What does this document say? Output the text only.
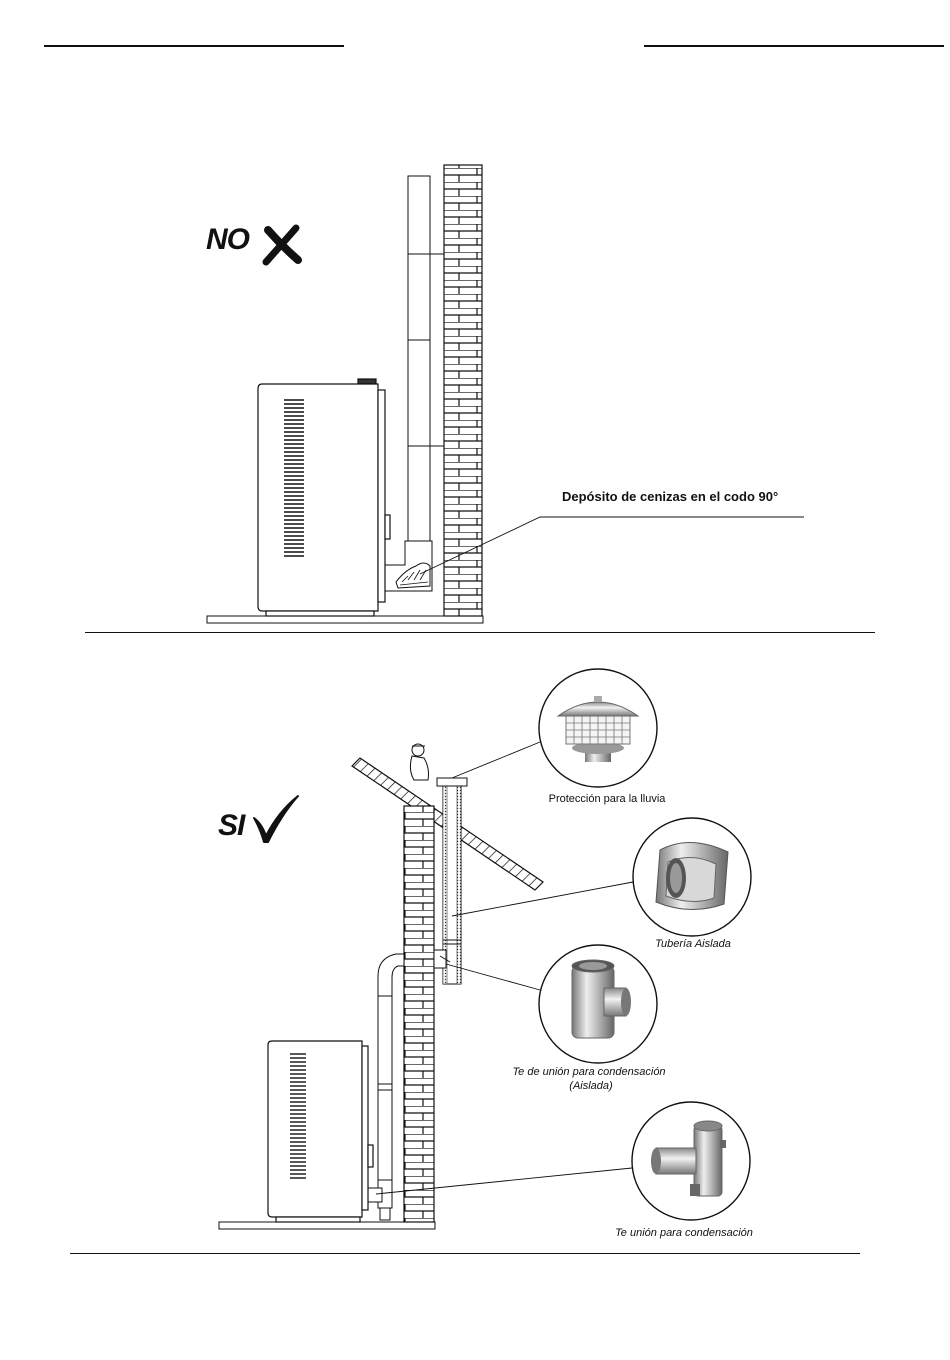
NO
SI
Depósito de cenizas en el codo 90°
Protección para la lluvia
Tubería Aislada
Te de unión para condensación
(Aislada)
Te unión para condensación
